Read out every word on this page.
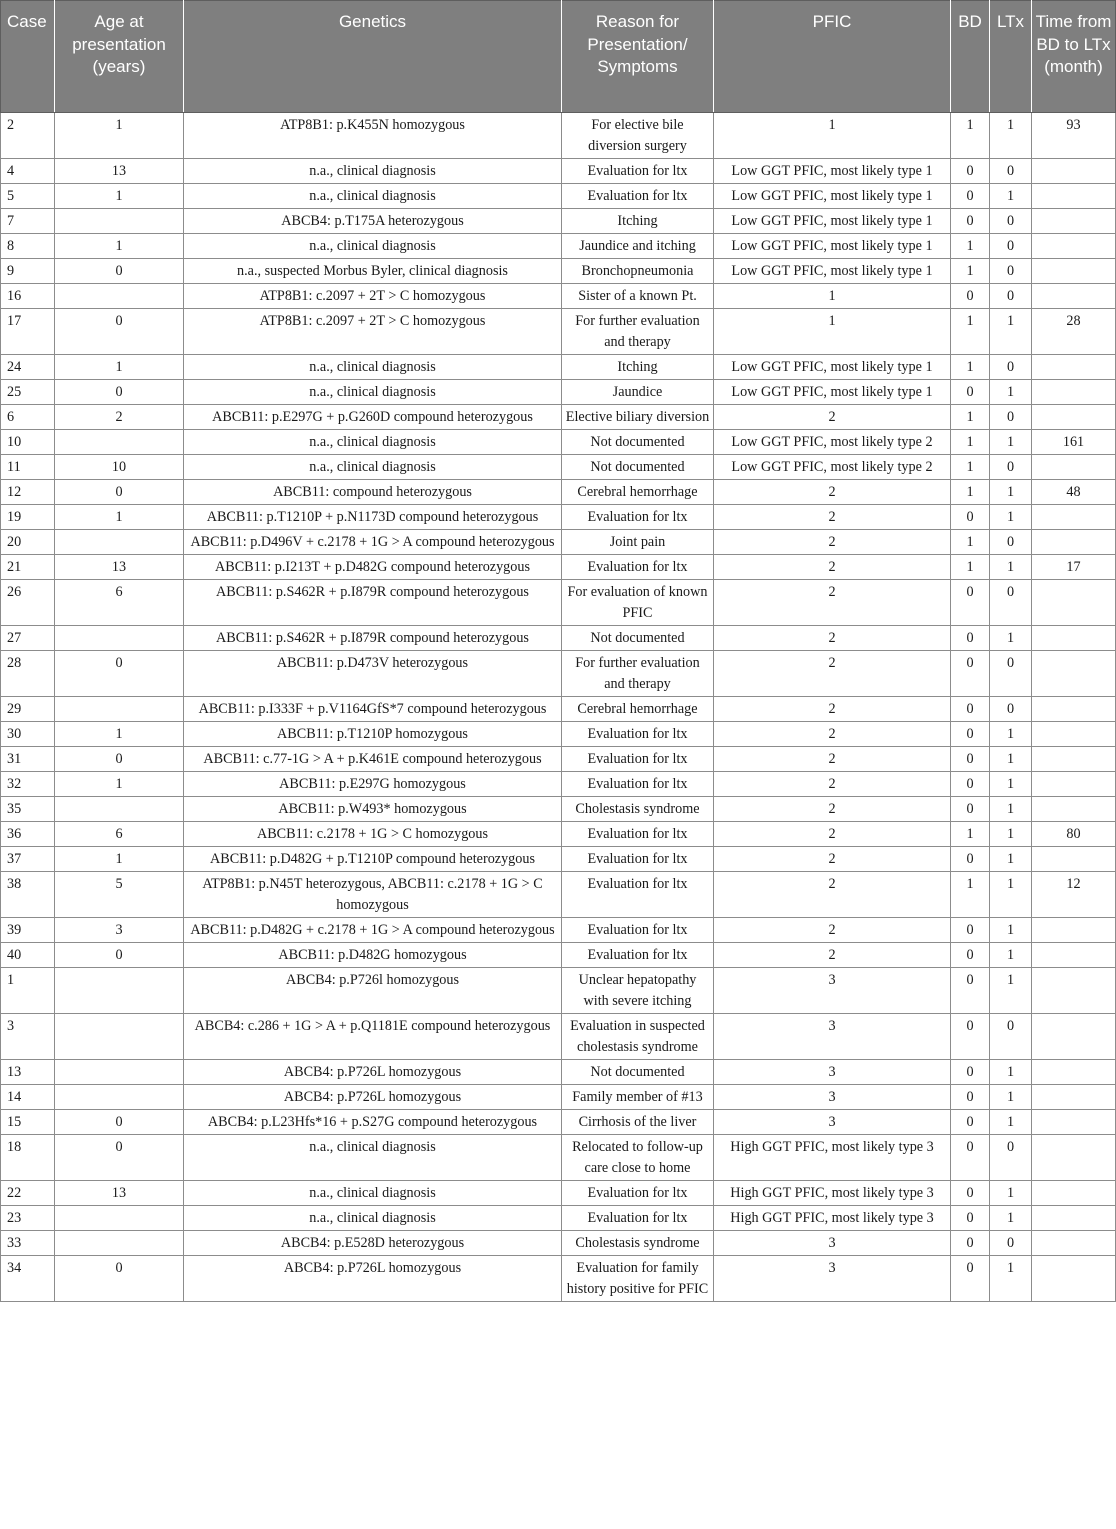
Case	Age at presentation (years)	Genetics	Reason for Presentation/ Symptoms	PFIC	BD	LTx	Time from BD to LTx (month)
2	1	ATP8B1: p.K455N homozygous	For elective bile diversion surgery	1	1	1	93
4	13	n.a., clinical diagnosis	Evaluation for ltx	Low GGT PFIC, most likely type 1	0	0	
5	1	n.a., clinical diagnosis	Evaluation for ltx	Low GGT PFIC, most likely type 1	0	1	
7		ABCB4: p.T175A heterozygous	Itching	Low GGT PFIC, most likely type 1	0	0	
8	1	n.a., clinical diagnosis	Jaundice and itching	Low GGT PFIC, most likely type 1	1	0	
9	0	n.a., suspected Morbus Byler, clinical diagnosis	Bronchopneumonia	Low GGT PFIC, most likely type 1	1	0	
16		ATP8B1: c.2097 + 2T > C homozygous	Sister of a known Pt.	1	0	0	
17	0	ATP8B1: c.2097 + 2T > C homozygous	For further evaluation and therapy	1	1	1	28
24	1	n.a., clinical diagnosis	Itching	Low GGT PFIC, most likely type 1	1	0	
25	0	n.a., clinical diagnosis	Jaundice	Low GGT PFIC, most likely type 1	0	1	
6	2	ABCB11: p.E297G + p.G260D compound heterozygous	Elective biliary diversion	2	1	0	
10		n.a., clinical diagnosis	Not documented	Low GGT PFIC, most likely type 2	1	1	161
11	10	n.a., clinical diagnosis	Not documented	Low GGT PFIC, most likely type 2	1	0	
12	0	ABCB11: compound heterozygous	Cerebral hemorrhage	2	1	1	48
19	1	ABCB11: p.T1210P + p.N1173D compound heterozygous	Evaluation for ltx	2	0	1	
20		ABCB11: p.D496V + c.2178 + 1G > A compound heterozygous	Joint pain	2	1	0	
21	13	ABCB11: p.I213T + p.D482G compound heterozygous	Evaluation for ltx	2	1	1	17
26	6	ABCB11: p.S462R + p.I879R compound heterozygous	For evaluation of known PFIC	2	0	0	
27		ABCB11: p.S462R + p.I879R compound heterozygous	Not documented	2	0	1	
28	0	ABCB11: p.D473V heterozygous	For further evaluation and therapy	2	0	0	
29		ABCB11: p.I333F + p.V1164GfS*7 compound heterozygous	Cerebral hemorrhage	2	0	0	
30	1	ABCB11: p.T1210P homozygous	Evaluation for ltx	2	0	1	
31	0	ABCB11: c.77-1G > A + p.K461E compound heterozygous	Evaluation for ltx	2	0	1	
32	1	ABCB11: p.E297G homozygous	Evaluation for ltx	2	0	1	
35		ABCB11: p.W493* homozygous	Cholestasis syndrome	2	0	1	
36	6	ABCB11: c.2178 + 1G > C homozygous	Evaluation for ltx	2	1	1	80
37	1	ABCB11: p.D482G + p.T1210P compound heterozygous	Evaluation for ltx	2	0	1	
38	5	ATP8B1: p.N45T heterozygous, ABCB11: c.2178 + 1G > C homozygous	Evaluation for ltx	2	1	1	12
39	3	ABCB11: p.D482G + c.2178 + 1G > A compound heterozygous	Evaluation for ltx	2	0	1	
40	0	ABCB11: p.D482G homozygous	Evaluation for ltx	2	0	1	
1		ABCB4: p.P726l homozygous	Unclear hepatopathy with severe itching	3	0	1	
3		ABCB4: c.286 + 1G > A + p.Q1181E compound heterozygous	Evaluation in suspected cholestasis syndrome	3	0	0	
13		ABCB4: p.P726L homozygous	Not documented	3	0	1	
14		ABCB4: p.P726L homozygous	Family member of #13	3	0	1	
15	0	ABCB4: p.L23Hfs*16 + p.S27G compound heterozygous	Cirrhosis of the liver	3	0	1	
18	0	n.a., clinical diagnosis	Relocated to follow-up care close to home	High GGT PFIC, most likely type 3	0	0	
22	13	n.a., clinical diagnosis	Evaluation for ltx	High GGT PFIC, most likely type 3	0	1	
23		n.a., clinical diagnosis	Evaluation for ltx	High GGT PFIC, most likely type 3	0	1	
33		ABCB4: p.E528D heterozygous	Cholestasis syndrome	3	0	0	
34	0	ABCB4: p.P726L homozygous	Evaluation for family history positive for PFIC	3	0	1	
